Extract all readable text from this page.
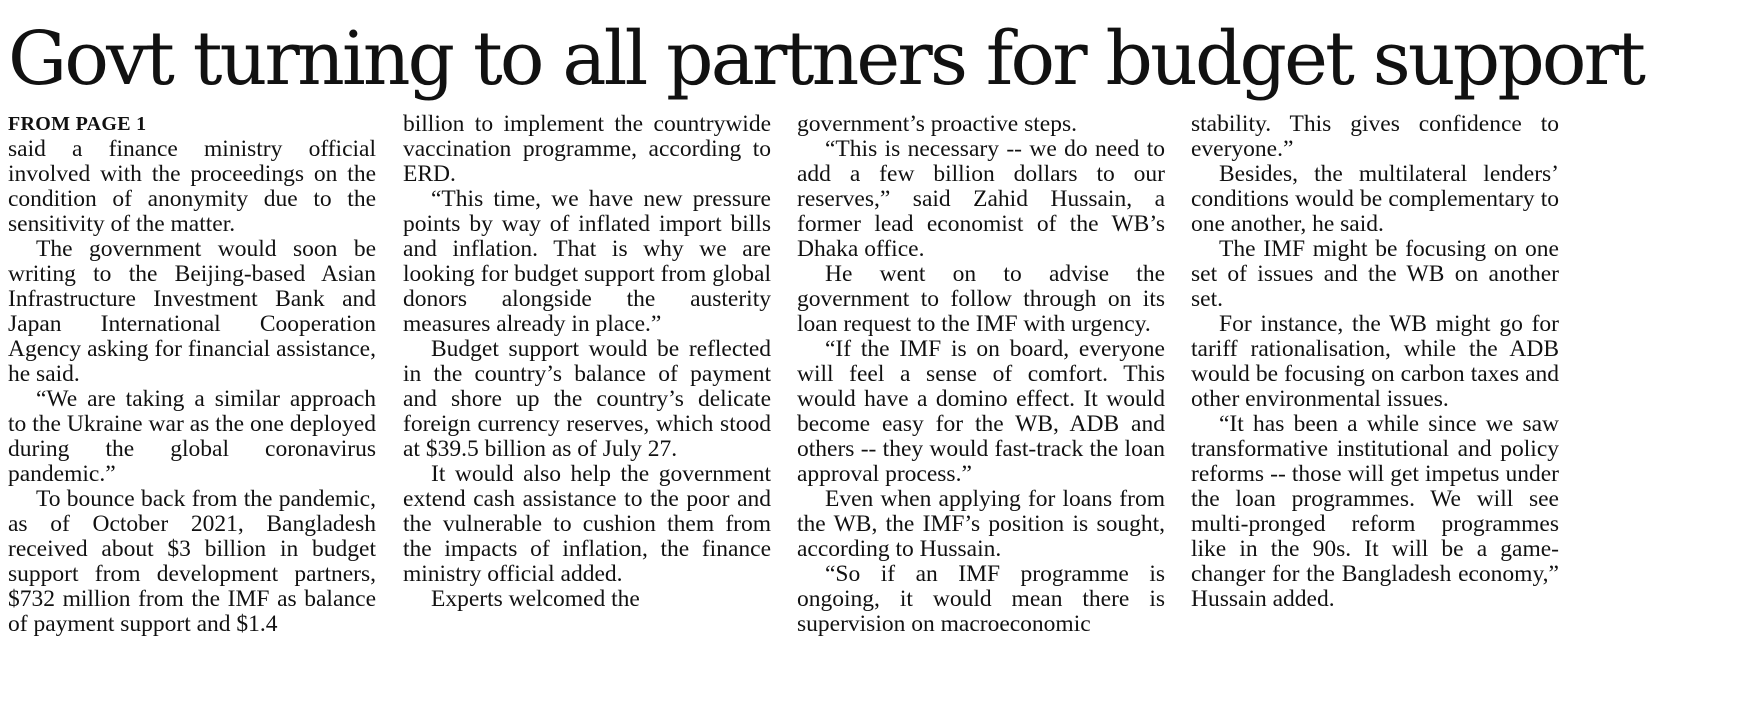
Govt turning to all partners for budget support
FROM PAGE 1

said a finance ministry official involved with the proceedings on the condition of anonymity due to the sensitivity of the matter.

The government would soon be writing to the Beijing-based Asian Infrastructure Investment Bank and Japan International Cooperation Agency asking for financial assistance, he said.

“We are taking a similar approach to the Ukraine war as the one deployed during the global coronavirus pandemic.”

To bounce back from the pandemic, as of October 2021, Bangladesh received about $3 billion in budget support from development partners, $732 million from the IMF as balance of payment support and $1.4

billion to implement the countrywide vaccination programme, according to ERD.

“This time, we have new pressure points by way of inflated import bills and inflation. That is why we are looking for budget support from global donors alongside the austerity measures already in place.”

Budget support would be reflected in the country’s balance of payment and shore up the country’s delicate foreign currency reserves, which stood at $39.5 billion as of July 27.

It would also help the government extend cash assistance to the poor and the vulnerable to cushion them from the impacts of inflation, the finance ministry official added.

Experts welcomed the

government’s proactive steps.

“This is necessary -- we do need to add a few billion dollars to our reserves,” said Zahid Hussain, a former lead economist of the WB’s Dhaka office.

He went on to advise the government to follow through on its loan request to the IMF with urgency.

“If the IMF is on board, everyone will feel a sense of comfort. This would have a domino effect. It would become easy for the WB, ADB and others -- they would fast-track the loan approval process.”

Even when applying for loans from the WB, the IMF’s position is sought, according to Hussain.

“So if an IMF programme is ongoing, it would mean there is supervision on macroeconomic

stability. This gives confidence to everyone.”

Besides, the multilateral lenders’ conditions would be complementary to one another, he said.

The IMF might be focusing on one set of issues and the WB on another set.

For instance, the WB might go for tariff rationalisation, while the ADB would be focusing on carbon taxes and other environmental issues.

“It has been a while since we saw transformative institutional and policy reforms -- those will get impetus under the loan programmes. We will see multi-pronged reform programmes like in the 90s. It will be a game-changer for the Bangladesh economy,” Hussain added.
